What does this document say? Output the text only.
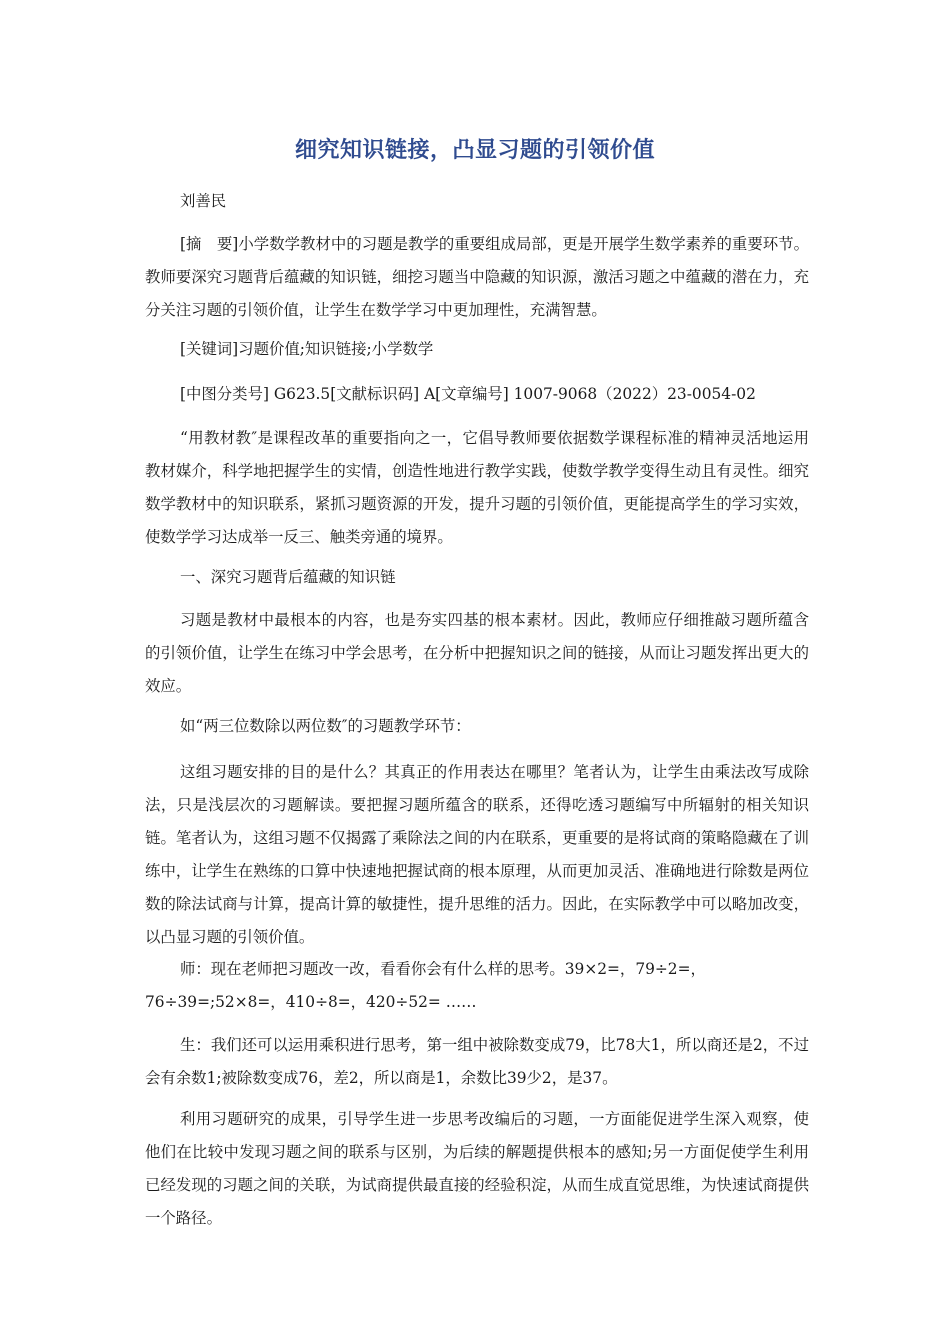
细究知识链接，凸显习题的引领价值

刘善民

[摘　要]小学数学教材中的习题是教学的重要组成局部，更是开展学生数学素养的重要环节。教师要深究习题背后蕴藏的知识链，细挖习题当中隐藏的知识源，激活习题之中蕴藏的潜在力，充分关注习题的引领价值，让学生在数学学习中更加理性，充满智慧。

[关键词]习题价值;知识链接;小学数学

[中图分类号] G623.5[文献标识码] A[文章编号] 1007-9068（2022）23-0054-02

“用教材教″是课程改革的重要指向之一，它倡导教师要依据数学课程标准的精神灵活地运用教材媒介，科学地把握学生的实情，创造性地进行教学实践，使数学教学变得生动且有灵性。细究数学教材中的知识联系，紧抓习题资源的开发，提升习题的引领价值，更能提高学生的学习实效，使数学学习达成举一反三、触类旁通的境界。

一、深究习题背后蕴藏的知识链

习题是教材中最根本的内容，也是夯实四基的根本素材。因此，教师应仔细推敲习题所蕴含的引领价值，让学生在练习中学会思考，在分析中把握知识之间的链接，从而让习题发挥出更大的效应。

如“两三位数除以两位数″的习题教学环节：

这组习题安排的目的是什么？其真正的作用表达在哪里？笔者认为，让学生由乘法改写成除法，只是浅层次的习题解读。要把握习题所蕴含的联系，还得吃透习题编写中所辐射的相关知识链。笔者认为，这组习题不仅揭露了乘除法之间的内在联系，更重要的是将试商的策略隐藏在了训练中，让学生在熟练的口算中快速地把握试商的根本原理，从而更加灵活、准确地进行除数是两位数的除法试商与计算，提高计算的敏捷性，提升思维的活力。因此，在实际教学中可以略加改变，以凸显习题的引领价值。

师：现在老师把习题改一改，看看你会有什么样的思考。39×2=，79÷2=，
76÷39=;52×8=，410÷8=，420÷52= ……

生：我们还可以运用乘积进行思考，第一组中被除数变成79，比78大1，所以商还是2，不过会有余数1;被除数变成76，差2，所以商是1，余数比39少2，是37。

利用习题研究的成果，引导学生进一步思考改编后的习题，一方面能促进学生深入观察，使他们在比较中发现习题之间的联系与区别，为后续的解题提供根本的感知;另一方面促使学生利用已经发现的习题之间的关联，为试商提供最直接的经验积淀，从而生成直觉思维，为快速试商提供一个路径。
